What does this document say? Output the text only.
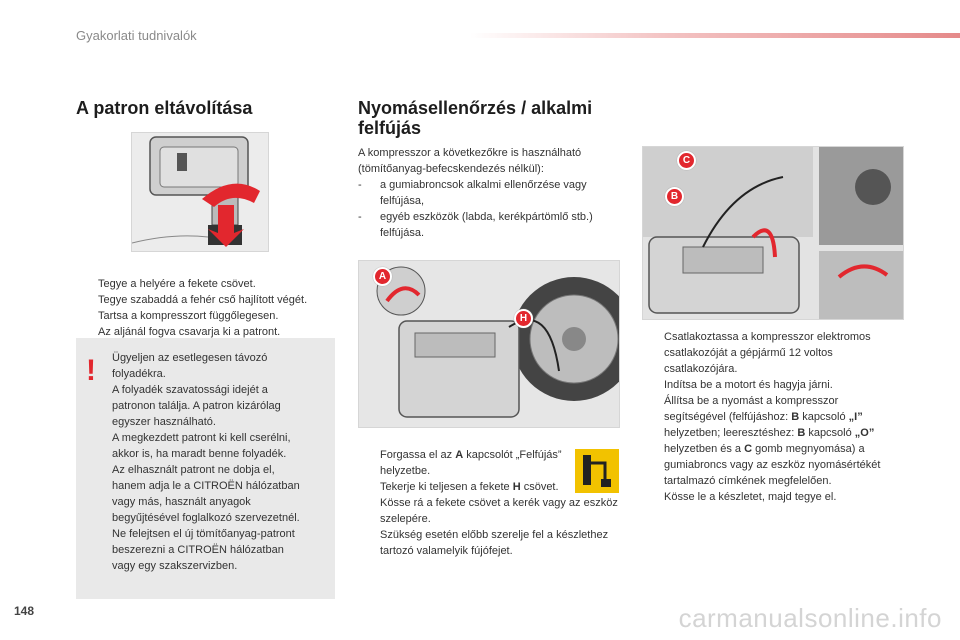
Gyakorlati tudnivalók
A patron eltávolítása
Tegye a helyére a fekete csövet.
Tegye szabaddá a fehér cső hajlított végét.
Tartsa a kompresszort függőlegesen.
Az aljánál fogva csavarja ki a patront.
! Ügyeljen az esetlegesen távozó
folyadékra.
A folyadék szavatossági idejét a
patronon találja. A patron kizárólag
egyszer használható.
A megkezdett patront ki kell cserélni,
akkor is, ha maradt benne folyadék.
Az elhasznált patront ne dobja el,
hanem adja le a CITROËN hálózatban
vagy más, használt anyagok
begyűjtésével foglalkozó szervezetnél.
Ne felejtsen el új tömítőanyag-patront
beszerezni a CITROËN hálózatban
vagy egy szakszervizben.
Nyomásellenőrzés / alkalmi felfújás
A kompresszor a következőkre is használható (tömítőanyag-befecskendezés nélkül):
- a gumiabroncsok alkalmi ellenőrzése vagy felfújása,
- egyéb eszközök (labda, kerékpártömlő stb.) felfújása.
A
H
Forgassa el az A kapcsolót „Felfújás” helyzetbe.
Tekerje ki teljesen a fekete H csövet.
Kösse rá a fekete csövet a kerék vagy az eszköz szelepére.
Szükség esetén előbb szerelje fel a készlethez tartozó valamelyik fújófejet.
C
B
Csatlakoztassa a kompresszor elektromos csatlakozóját a gépjármű 12 voltos csatlakozójára.
Indítsa be a motort és hagyja járni.
Állítsa be a nyomást a kompresszor segítségével (felfújáshoz: B kapcsoló „I” helyzetben; leeresztéshez: B kapcsoló „O” helyzetben és a C gomb megnyomása) a gumiabroncs vagy az eszköz nyomásértékét tartalmazó címkének megfelelően.
Kösse le a készletet, majd tegye el.
148	carmanualsonline.info
